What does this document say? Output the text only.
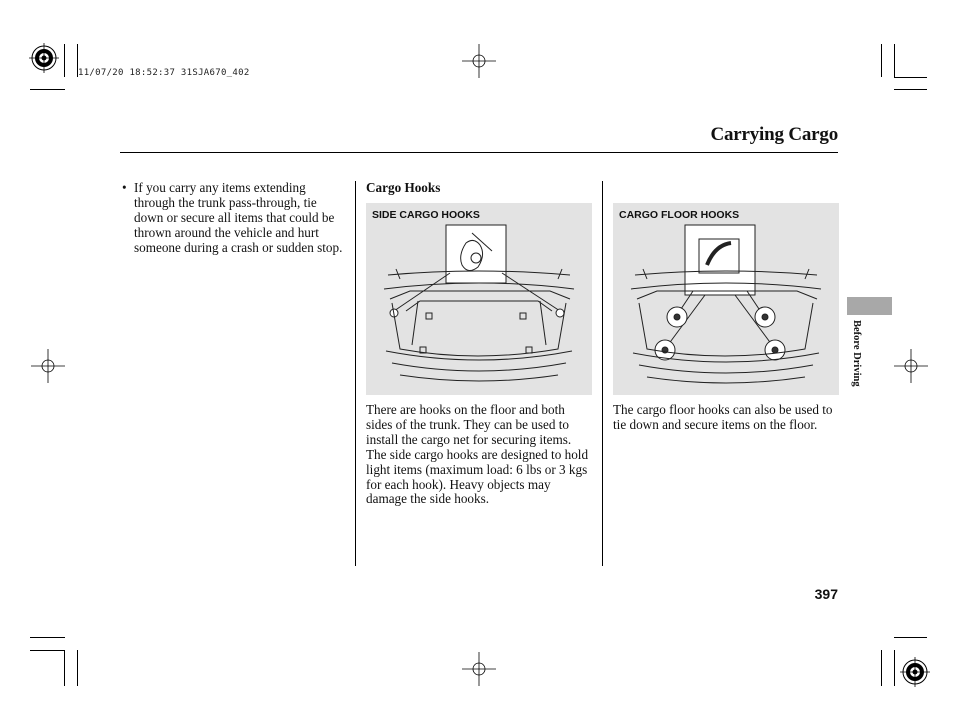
11/07/20 18:52:37 31SJA670_402
Carrying Cargo
• If you carry any items extending through the trunk pass-through, tie down or secure all items that could be thrown around the vehicle and hurt someone during a crash or sudden stop.
Cargo Hooks
SIDE CARGO HOOKS
There are hooks on the floor and both sides of the trunk. They can be used to install the cargo net for securing items. The side cargo hooks are designed to hold light items (maximum load: 6 lbs or 3 kgs for each hook). Heavy objects may damage the side hooks.
CARGO FLOOR HOOKS
The cargo floor hooks can also be used to tie down and secure items on the floor.
Before Driving
397
